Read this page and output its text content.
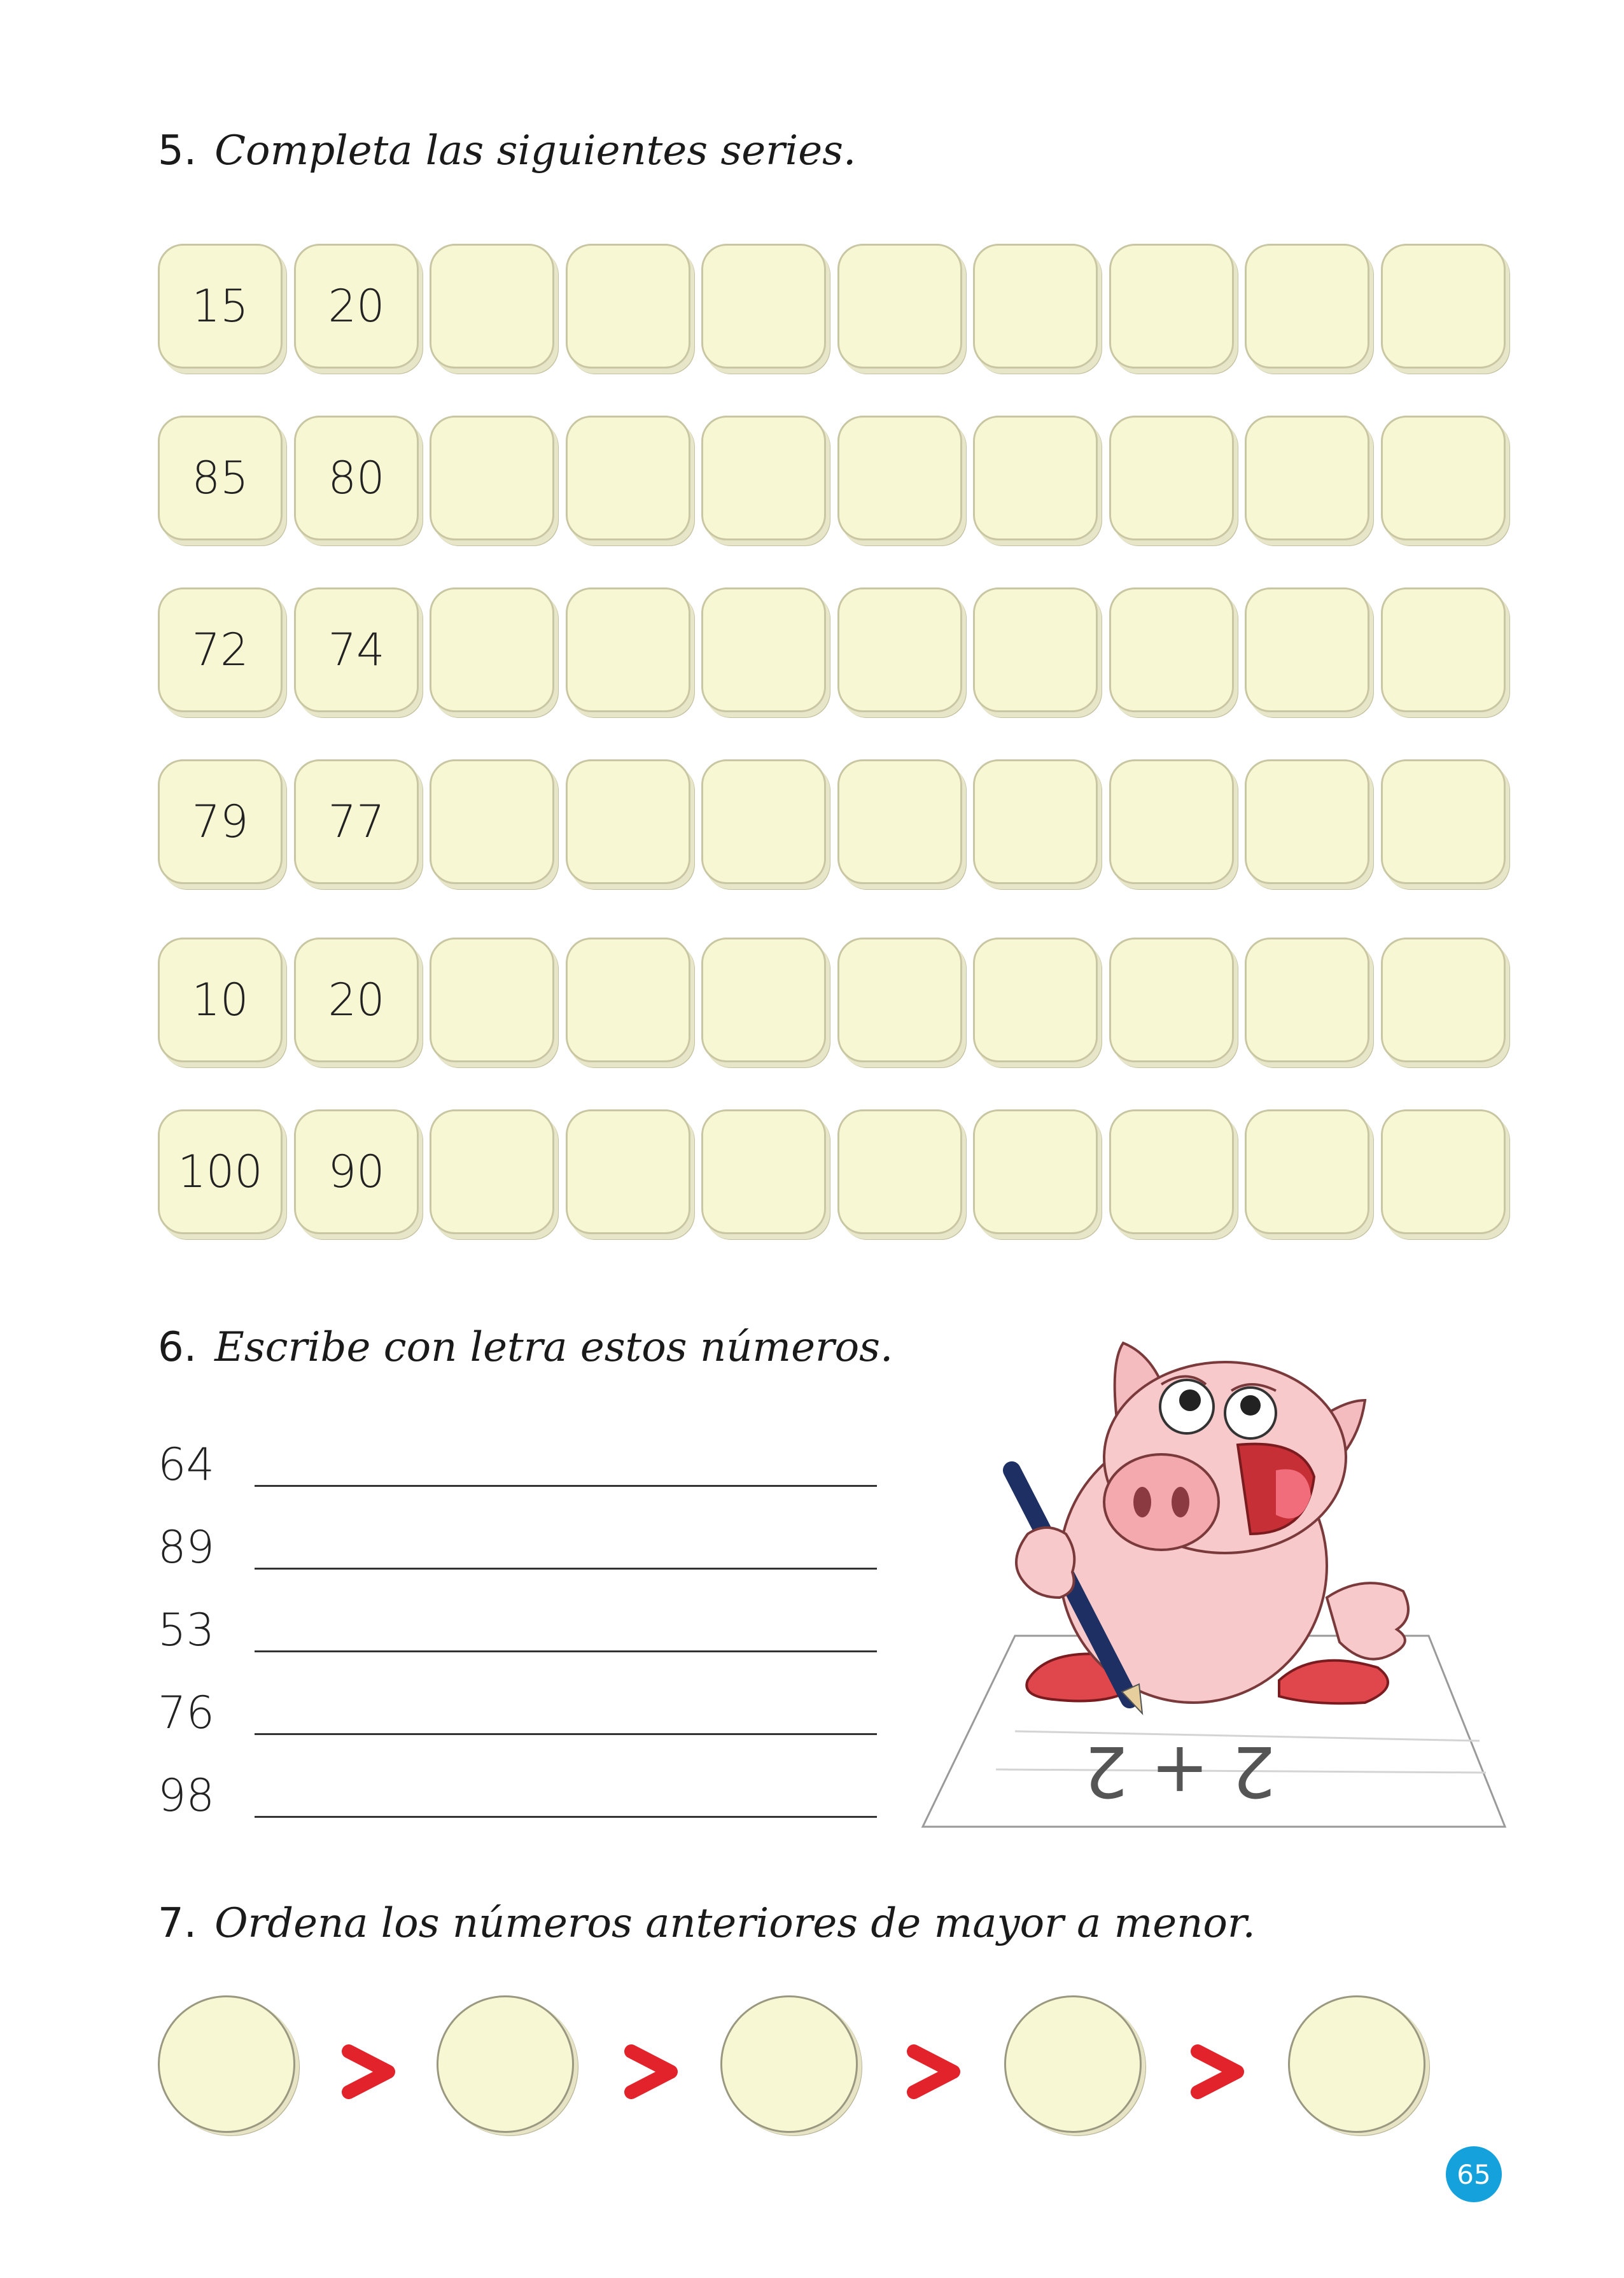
5. Completa las siguientes series.
15	20
85	80
72	74
79	77
10	20
100	90
6. Escribe con letra estos números.
64
89
53
76
98	2 + 2
7. Ordena los números anteriores de mayor a menor.
65
